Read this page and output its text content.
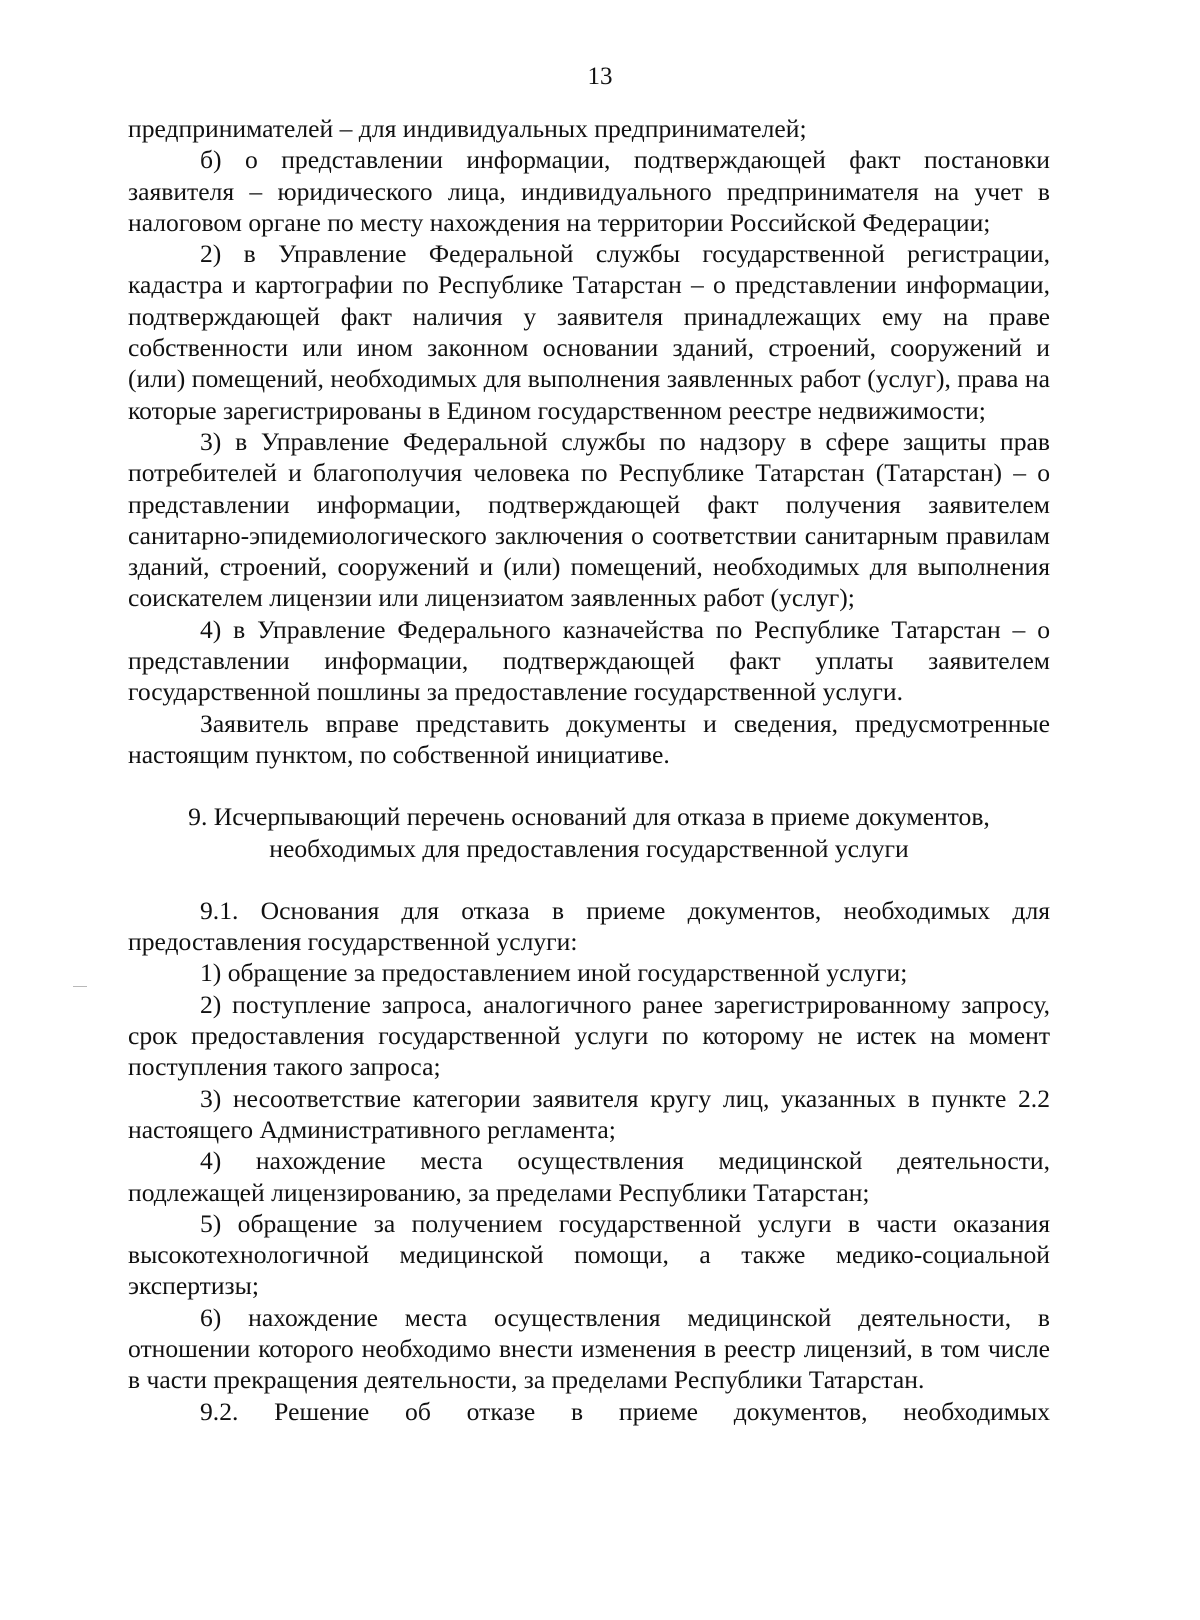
13

предпринимателей – для индивидуальных предпринимателей;

б) о представлении информации, подтверждающей факт постановки заявителя – юридического лица, индивидуального предпринимателя на учет в налоговом органе по месту нахождения на территории Российской Федерации;

2) в Управление Федеральной службы государственной регистрации, кадастра и картографии по Республике Татарстан – о представлении информации, подтверждающей факт наличия у заявителя принадлежащих ему на праве собственности или ином законном основании зданий, строений, сооружений и (или) помещений, необходимых для выполнения заявленных работ (услуг), права на которые зарегистрированы в Едином государственном реестре недвижимости;

3) в Управление Федеральной службы по надзору в сфере защиты прав потребителей и благополучия человека по Республике Татарстан (Татарстан) – о представлении информации, подтверждающей факт получения заявителем санитарно-эпидемиологического заключения о соответствии санитарным правилам зданий, строений, сооружений и (или) помещений, необходимых для выполнения соискателем лицензии или лицензиатом заявленных работ (услуг);

4) в Управление Федерального казначейства по Республике Татарстан – о представлении информации, подтверждающей факт уплаты заявителем государственной пошлины за предоставление государственной услуги.

Заявитель вправе представить документы и сведения, предусмотренные настоящим пунктом, по собственной инициативе.

9. Исчерпывающий перечень оснований для отказа в приеме документов, необходимых для предоставления государственной услуги

9.1. Основания для отказа в приеме документов, необходимых для предоставления государственной услуги:

1) обращение за предоставлением иной государственной услуги;

2) поступление запроса, аналогичного ранее зарегистрированному запросу, срок предоставления государственной услуги по которому не истек на момент поступления такого запроса;

3) несоответствие категории заявителя кругу лиц, указанных в пункте 2.2 настоящего Административного регламента;

4) нахождение места осуществления медицинской деятельности, подлежащей лицензированию, за пределами Республики Татарстан;

5) обращение за получением государственной услуги в части оказания высокотехнологичной медицинской помощи, а также медико-социальной экспертизы;

6) нахождение места осуществления медицинской деятельности, в отношении которого необходимо внести изменения в реестр лицензий, в том числе в части прекращения деятельности, за пределами Республики Татарстан.

9.2. Решение об отказе в приеме документов, необходимых
